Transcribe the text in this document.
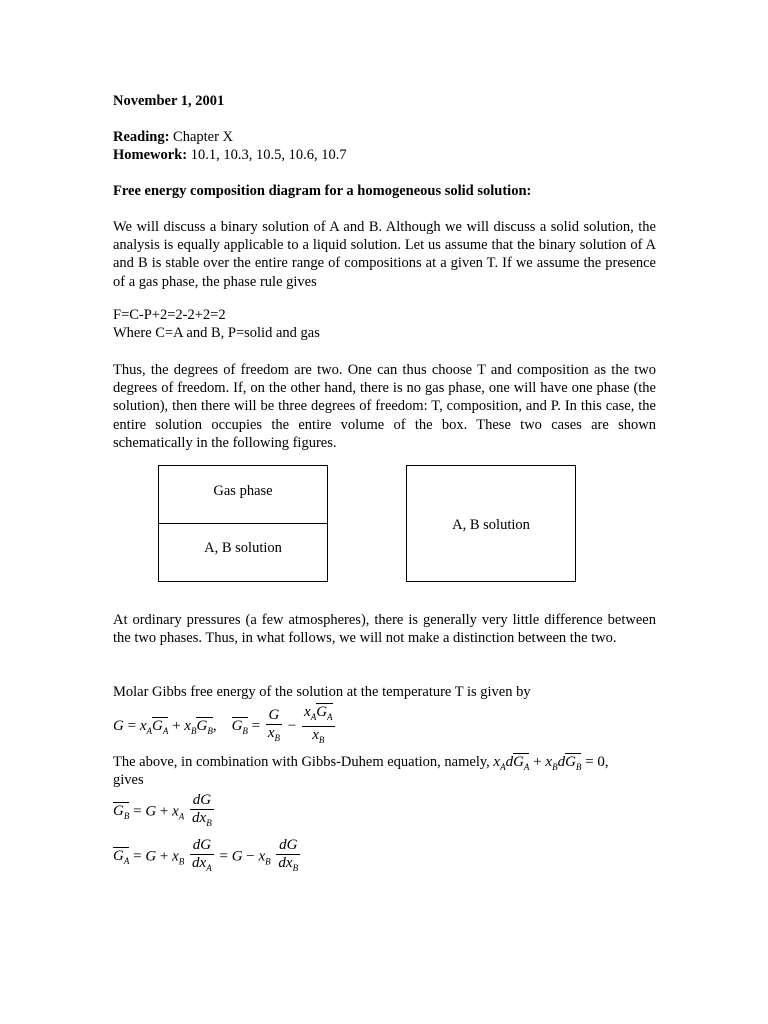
November 1, 2001
Reading: Chapter X
Homework: 10.1, 10.3, 10.5, 10.6, 10.7
Free energy composition diagram for a homogeneous solid solution:
We will discuss a binary solution of A and B. Although we will discuss a solid solution, the analysis is equally applicable to a liquid solution. Let us assume that the binary solution of A and B is stable over the entire range of compositions at a given T. If we assume the presence of a gas phase, the phase rule gives
F=C-P+2=2-2+2=2
Where C=A and B, P=solid and gas
Thus, the degrees of freedom are two. One can thus choose T and composition as the two degrees of freedom. If, on the other hand, there is no gas phase, one will have one phase (the solution), then there will be three degrees of freedom: T, composition, and P. In this case, the entire solution occupies the entire volume of the box. These two cases are shown schematically in the following figures.
Gas phase
A, B solution
A, B solution
At ordinary pressures (a few atmospheres), there is generally very little difference between the two phases. Thus, in what follows, we will not make a distinction between the two.
Molar Gibbs free energy of the solution at the temperature T is given by
$G = x_AG_A + x_BG_B$,    $G_B = \frac{G}{x_B} - \frac{x_AG_A}{x_B}$
The above, in combination with Gibbs-Duhem equation, namely, $x_AdG_A + x_BdG_B = 0$,
gives
$G_B = G + x_A \frac{dG}{dx_B}$
$G_A = G + x_B \frac{dG}{dx_A} = G - x_B \frac{dG}{dx_B}$
